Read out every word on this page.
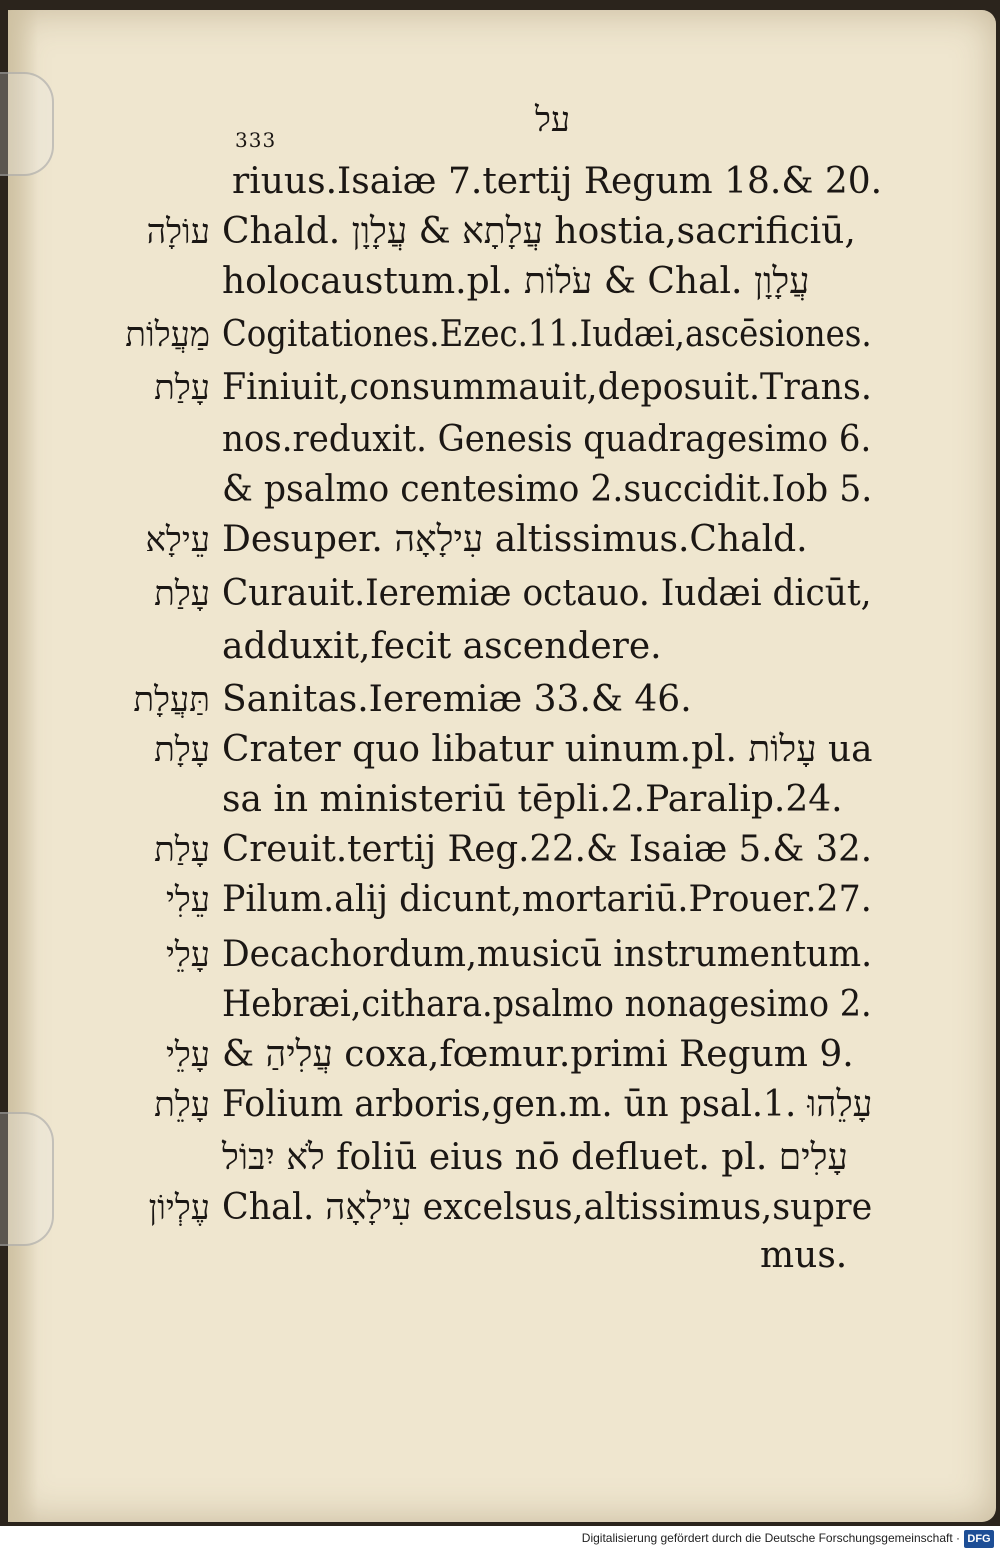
333	על
riuus.Isaiæ 7.tertij Regum 18.& 20.
עוֹלָה Chald. עֲלָתָא & עֲלָוָן hostia,sacrificiū,
holocaustum.pl. עֹלוֹת & Chal. עֲלָוָן
מַעֲלוֹת Cogitationes.Ezec.11.Iudæi,ascēsiones.
עָלַת Finiuit,consummauit,deposuit.Trans.
nos.reduxit. Genesis quadragesimo 6.
& psalmo centesimo 2.succidit.Iob 5.
עֵילָא Desuper. עִילָאָה altissimus.Chald.
עָלַת Curauit.Ieremiæ octauo. Iudæi dicūt,
adduxit,fecit ascendere.
תַּעֲלָת Sanitas.Ieremiæ 33.& 46.
עָלָת Crater quo libatur uinum.pl. עָלוֹת ua
sa in ministeriū tēpli.2.Paralip.24.
עָלַת Creuit.tertij Reg.22.& Isaiæ 5.& 32.
עֵלִי Pilum.alij dicunt,mortariū.Prouer.27.
עָלֵי Decachordum,musicū instrumentum.
Hebræi,cithara.psalmo nonagesimo 2.
עָלֵי & עֲלִיהַ coxa,fœmur.primi Regum 9.
עָלֵת Folium arboris,gen.m. ūn psal.1. עָלֵהוּ
לֹא יִבּוֹל foliū eius nō defluet. pl. עָלִים
עֶלְיוֹן Chal. עִילָאָה excelsus,altissimus,supre
mus.
Digitalisierung gefördert durch die Deutsche Forschungsgemeinschaft · DFG
